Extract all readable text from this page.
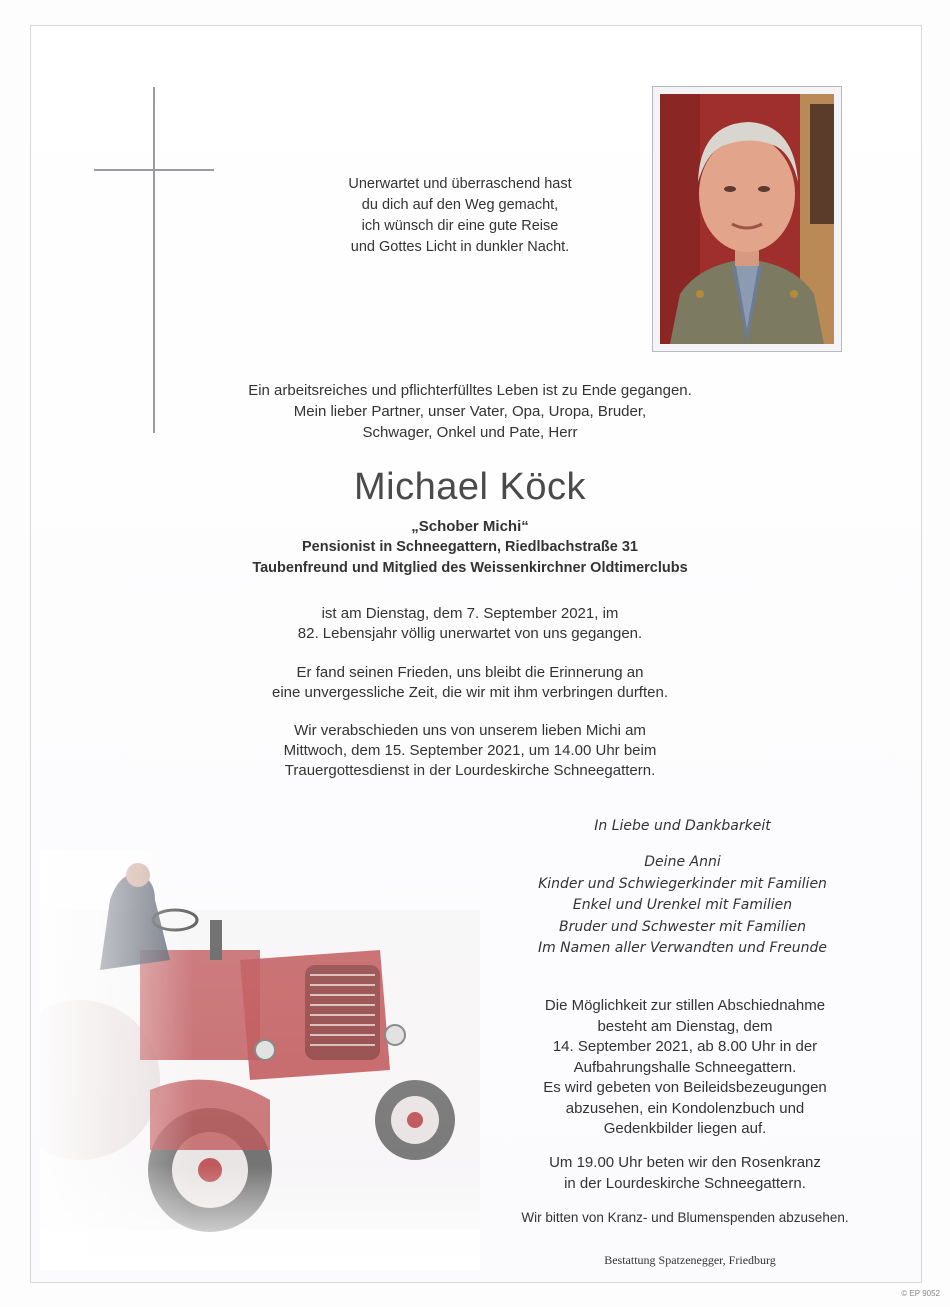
Unerwartet und überraschend hast
du dich auf den Weg gemacht,
ich wünsch dir eine gute Reise
und Gottes Licht in dunkler Nacht.
Ein arbeitsreiches und pflichterfülltes Leben ist zu Ende gegangen.
Mein lieber Partner, unser Vater, Opa, Uropa, Bruder,
Schwager, Onkel und Pate, Herr
Michael Köck
„Schober Michi“
Pensionist in Schneegattern, Riedlbachstraße 31
Taubenfreund und Mitglied des Weissenkirchner Oldtimerclubs
ist am Dienstag, dem 7. September 2021, im
82. Lebensjahr völlig unerwartet von uns gegangen.
Er fand seinen Frieden, uns bleibt die Erinnerung an
eine unvergessliche Zeit, die wir mit ihm verbringen durften.
Wir verabschieden uns von unserem lieben Michi am
Mittwoch, dem 15. September 2021, um 14.00 Uhr beim
Trauergottesdienst in der Lourdeskirche Schneegattern.
In Liebe und Dankbarkeit
Deine Anni
Kinder und Schwiegerkinder mit Familien
Enkel und Urenkel mit Familien
Bruder und Schwester mit Familien
Im Namen aller Verwandten und Freunde
Die Möglichkeit zur stillen Abschiednahme
besteht am Dienstag, dem
14. September 2021, ab 8.00 Uhr in der
Aufbahrungshalle Schneegattern.
Es wird gebeten von Beileidsbezeugungen
abzusehen, ein Kondolenzbuch und
Gedenkbilder liegen auf.
Um 19.00 Uhr beten wir den Rosenkranz
in der Lourdeskirche Schneegattern.
Wir bitten von Kranz- und Blumenspenden abzusehen.
Bestattung Spatzenegger, Friedburg
© EP 9052
